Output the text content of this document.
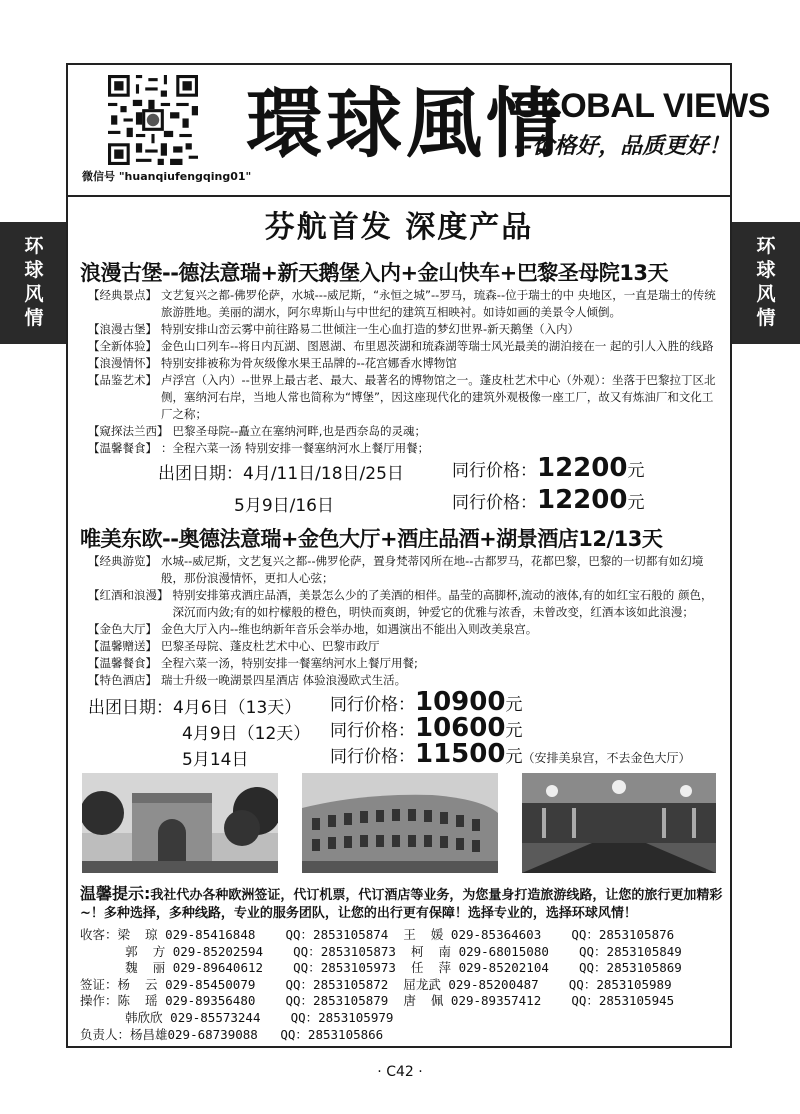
环
球
风
情
环
球
风
情
微信号 "huanqiufengqing01"
環球風情
GLOBAL VIEWS
--价格好，品质更好！
芬航首发 深度产品
浪漫古堡--德法意瑞+新天鹅堡入内+金山快车+巴黎圣母院13天
【经典景点】 文艺复兴之都-佛罗伦萨，水城---威尼斯，“永恒之城”--罗马，琉森--位于瑞士的中 央地区，一直是瑞士的传统旅游胜地。美丽的湖水，阿尔卑斯山与中世纪的建筑互相映衬。如诗如画的美景令人倾倒。
【浪漫古堡】 特别安排山峦云雾中前往路易二世倾注一生心血打造的梦幻世界-新天鹅堡（入内）
【全新体验】 金色山口列车--将日内瓦湖、图恩湖、布里恩茨湖和琉森湖等瑞士风光最美的湖泊接在一 起的引人入胜的线路
【浪漫情怀】 特别安排被称为骨灰级像水果王品牌的--花宫娜香水博物馆
【品鉴艺术】 卢浮宫（入内）--世界上最古老、最大、最著名的博物馆之一。蓬皮杜艺术中心（外观）：坐落于巴黎拉丁区北侧，塞纳河右岸，当地人常也简称为“博堡”，因这座现代化的建筑外观极像一座工厂，故又有炼油厂和文化工厂之称；
【窥探法兰西】 巴黎圣母院--矗立在塞纳河畔,也是西奈岛的灵魂；
【温馨餐食】 ：全程六菜一汤 特别安排一餐塞纳河水上餐厅用餐；
出团日期：4月/11日/18日/25日	同行价格：12200元
5月9日/16日	同行价格：12200元
唯美东欧--奥德法意瑞+金色大厅+酒庄品酒+湖景酒店12/13天
【经典游览】 水城--威尼斯，文艺复兴之都--佛罗伦萨，置身梵蒂冈所在地--古都罗马，花都巴黎，巴黎的一切都有如幻境般，那份浪漫情怀，更扣人心弦；
【红酒和浪漫】 特别安排第戎酒庄品酒，美景怎么少的了美酒的相伴。晶莹的高脚杯,流动的液体,有的如红宝石般的 颜色，深沉而内敛;有的如柠檬般的橙色，明快而爽朗，钟爱它的优雅与浓香，未曾改变，红酒本该如此浪漫；
【金色大厅】 金色大厅入内--维也纳新年音乐会举办地，如遇演出不能出入则改美泉宫。
【温馨赠送】 巴黎圣母院、蓬皮杜艺术中心、巴黎市政厅
【温馨餐食】 全程六菜一汤，特别安排一餐塞纳河水上餐厅用餐;
【特色酒店】 瑞士升级一晚湖景四星酒店 体验浪漫欧式生活。
出团日期：4月6日（13天） 同行价格：10900元
4月9日（12天） 同行价格：10600元
5月14日	同行价格：11500元（安排美泉宫，不去金色大厅）
温馨提示:我社代办各种欧洲签证，代订机票，代订酒店等业务，为您量身打造旅游线路，让您的旅行更加精彩~！多种选择，多种线路，专业的服务团队，让您的出行更有保障！选择专业的，选择环球风情！
收客：梁  琼 029-85416848    QQ：2853105874  王  媛 029-85364603    QQ：2853105876
郭  方 029-85202594    QQ：2853105873  柯  南 029-68015080    QQ：2853105849
魏  丽 029-89640612    QQ：2853105973  任  萍 029-85202104    QQ：2853105869
签证：杨  云 029-85450079    QQ：2853105872  屈龙武 029-85200487    QQ：2853105989
操作：陈  瑶 029-89356480    QQ：2853105879  唐  佩 029-89357412    QQ：2853105945
韩欣欣 029-85573244    QQ：2853105979
负责人：杨昌雄029-68739088   QQ：2853105866
· C42 ·
